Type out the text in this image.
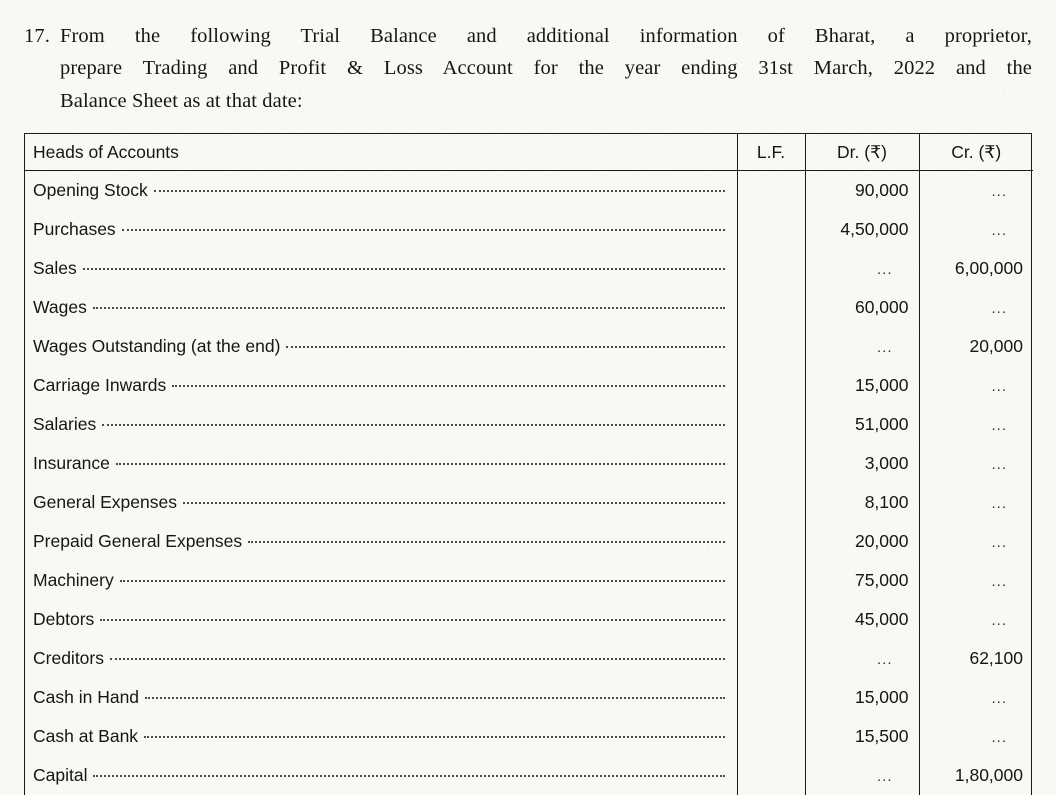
17. From the following Trial Balance and additional information of Bharat, a proprietor,
prepare Trading and Profit & Loss Account for the year ending 31st March, 2022 and the
Balance Sheet as at that date:
Heads of Accounts	L.F.	Dr. (₹)	Cr. (₹)

Opening Stock		90,000	...

Purchases		4,50,000	...

Sales		...	6,00,000

Wages		60,000	...

Wages Outstanding (at the end)		...	20,000

Carriage Inwards		15,000	...

Salaries		51,000	...

Insurance		3,000	...

General Expenses		8,100	...

Prepaid General Expenses		20,000	...

Machinery		75,000	...

Debtors		45,000	...

Creditors		...	62,100

Cash in Hand		15,000	...

Cash at Bank		15,500	...

Capital		...	1,80,000
